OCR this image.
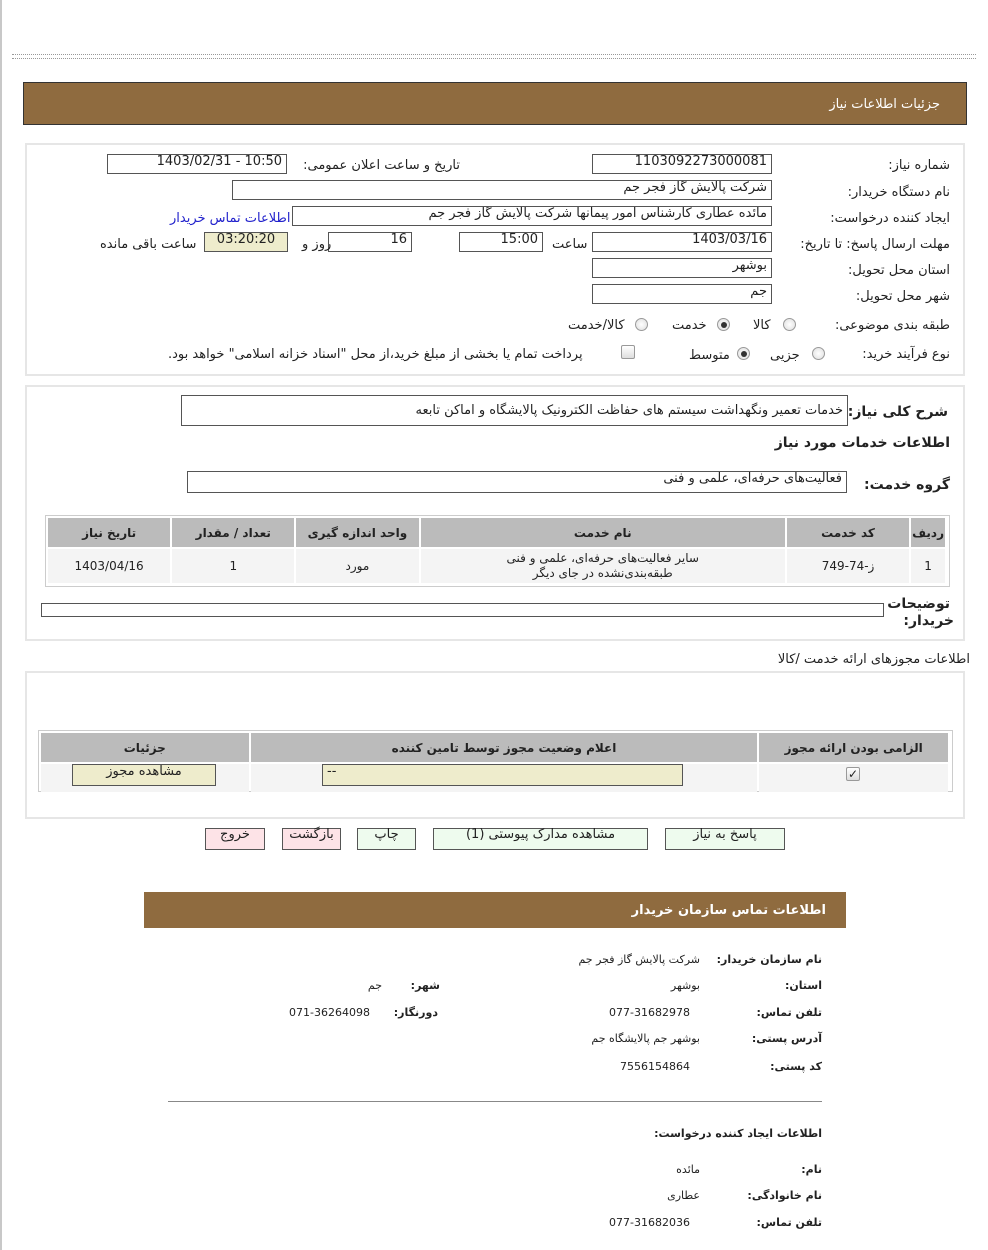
جزئیات اطلاعات نیاز
شماره نیاز:
1103092273000081
تاریخ و ساعت اعلان عمومی:
1403/02/31 - 10:50
نام دستگاه خریدار:
شرکت پالایش گاز فجر جم
ایجاد کننده درخواست:
مائده عطاری کارشناس امور پیمانها شرکت پالایش گاز فجر جم
اطلاعات تماس خریدار
مهلت ارسال پاسخ: تا تاریخ:
1403/03/16
ساعت
15:00
16
روز و
03:20:20
ساعت باقی مانده
استان محل تحویل:
بوشهر
شهر محل تحویل:
جم
طبقه بندی موضوعی:
کالا
خدمت
کالا/خدمت
نوع فرآیند خرید:
جزیی
متوسط
پرداخت تمام یا بخشی از مبلغ خرید،از محل "اسناد خزانه اسلامی" خواهد بود.
شرح کلی نیاز:
خدمات تعمیر ونگهداشت سیستم های حفاظت الکترونیک پالایشگاه و اماکن تابعه
اطلاعات خدمات مورد نیاز
گروه خدمت:
فعالیت‌های حرفه‌ای، علمی و فنی
ردیف	کد خدمت	نام خدمت	واحد اندازه گیری	تعداد / مقدار	تاریخ نیاز
1	ز-74-749	سایر فعالیت‌های حرفه‌ای، علمی و فنی
طبقه‌بندی‌نشده در جای دیگر	مورد	1	1403/04/16
توضیحات
خریدار:
اطلاعات مجوزهای ارائه خدمت /کالا
الزامی بودن ارائه مجوز	اعلام وضعیت مجوز توسط تامین کننده	جزئیات

✓
--
مشاهده مجوز
پاسخ به نیاز
مشاهده مدارک پیوستی (1)
چاپ
بازگشت
خروج
اطلاعات تماس سازمان خریدار
نام سازمان خریدار:
شرکت پالایش گاز فجر جم
استان:
بوشهر
شهر:
جم
تلفن تماس:
077-31682978
دورنگار:
071-36264098
آدرس پستی:
بوشهر جم پالایشگاه جم
کد پستی:
7556154864
اطلاعات ایجاد کننده درخواست:
نام:
مائده
نام خانوادگی:
عطاری
تلفن تماس:
077-31682036
